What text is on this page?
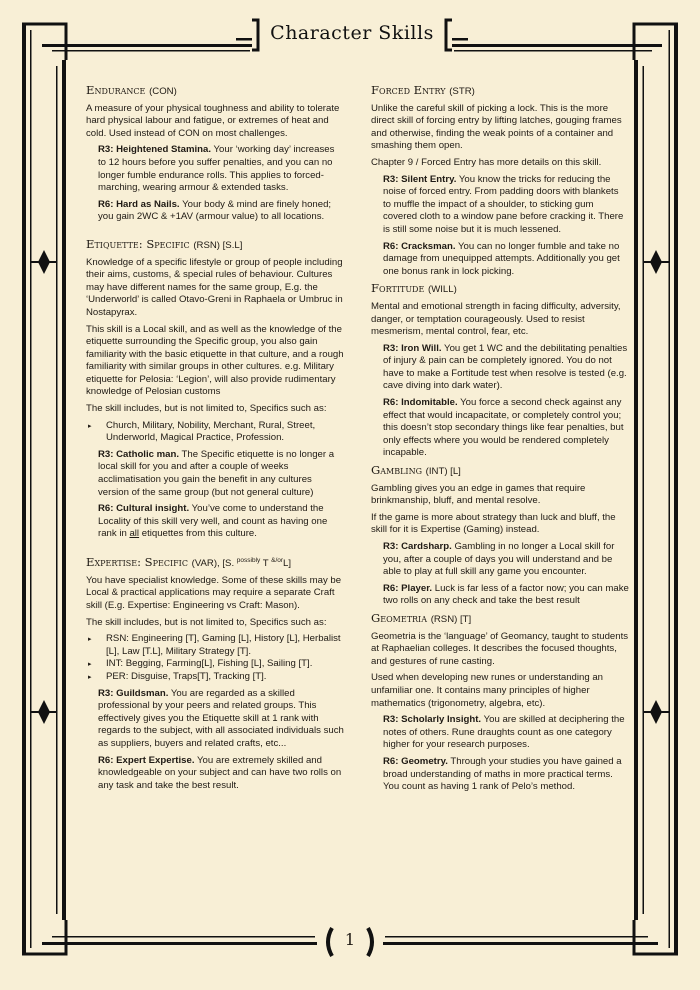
Character Skills
1
Endurance (CON)

A measure of your physical toughness and ability to tolerate hard physical labour and fatigue, or extremes of heat and cold. Used instead of CON on most challenges.

R3: Heightened Stamina. Your ‘working day’ increases to 12 hours before you suffer penalties, and you can no longer fumble endurance rolls. This applies to forced-marching, wearing armour & extended tasks.
R6: Hard as Nails. Your body & mind are finely honed; you gain 2WC & +1AV (armour value) to all locations.
Etiquette: Specific (RSN) [S.L]

Knowledge of a specific lifestyle or group of people including their aims, customs, & special rules of behaviour. Cultures may have different names for the same group, E.g. the ‘Underworld’ is called Otavo-Greni in Raphaela or Umbruc in Nostapyrax.

This skill is a Local skill, and as well as the knowledge of the etiquette surrounding the Specific group, you also gain familiarity with the basic etiquette in that culture, and a rough familiarity with similar groups in other cultures. e.g. Military etiquette for Pelosia: ‘Legion’, will also provide rudimentary knowledge of Pelosian customs

The skill includes, but is not limited to, Specifics such as:

▸ Church, Military, Nobility, Merchant, Rural, Street, Underworld, Magical Practice, Profession.
R3: Catholic man. The Specific etiquette is no longer a local skill for you and after a couple of weeks acclimatisation you gain the benefit in any cultures version of the same group (but not general culture)
R6: Cultural insight. You’ve come to understand the Locality of this skill very well, and count as having one rank in all etiquettes from this culture.
Expertise: Specific (VAR), [S. $^{possibly}$ T $^{\&/or}$L]

You have specialist knowledge. Some of these skills may be Local & practical applications may require a separate Craft skill (E.g. Expertise: Engineering vs Craft: Mason).

The skill includes, but is not limited to, Specifics such as:

▸ RSN: Engineering [T], Gaming [L], History [L], Herbalist [L], Law [T.L], Military Strategy [T].
▸ INT: Begging, Farming[L], Fishing [L], Sailing [T].
▸ PER: Disguise, Traps[T], Tracking [T].
R3: Guildsman. You are regarded as a skilled professional by your peers and related groups. This effectively gives you the Etiquette skill at 1 rank with regards to the subject, with all associated individuals such as suppliers, buyers and related crafts, etc...
R6: Expert Expertise. You are extremely skilled and knowledgeable on your subject and can have two rolls on any task and take the best result.
Forced Entry (STR)

Unlike the careful skill of picking a lock. This is the more direct skill of forcing entry by lifting latches, gouging frames and otherwise, finding the weak points of a container and smashing them open.

Chapter 9 / Forced Entry has more details on this skill.

R3: Silent Entry. You know the tricks for reducing the noise of forced entry. From padding doors with blankets to muffle the impact of a shoulder, to sticking gum covered cloth to a window pane before cracking it. There is still some noise but it is much lessened.
R6: Cracksman. You can no longer fumble and take no damage from unequipped attempts. Additionally you get one bonus rank in lock picking.
Fortitude (WILL)

Mental and emotional strength in facing difficulty, adversity, danger, or temptation courageously. Used to resist mesmerism, mental control, fear, etc.

R3: Iron Will. You get 1 WC and the debilitating penalties of injury & pain can be completely ignored. You do not have to make a Fortitude test when resolve is tested (e.g. cave diving into dark water).
R6: Indomitable. You force a second check against any effect that would incapacitate, or completely control you; this doesn’t stop secondary things like fear penalties, but only effects where you would be rendered completely incapable.
Gambling (INT) [L]

Gambling gives you an edge in games that require brinkmanship, bluff, and mental resolve.

If the game is more about strategy than luck and bluff, the skill for it is Expertise (Gaming) instead.

R3: Cardsharp. Gambling in no longer a Local skill for you, after a couple of days you will understand and be able to play at full skill any game you encounter.
R6: Player. Luck is far less of a factor now; you can make two rolls on any check and take the best result
Geometria (RSN) [T]

Geometria is the ‘language’ of Geomancy, taught to students at Raphaelian colleges. It describes the focused thoughts, and gestures of rune casting.

Used when developing new runes or understanding an unfamiliar one. It contains many principles of higher mathematics (trigonometry, algebra, etc).

R3: Scholarly Insight. You are skilled at deciphering the notes of others. Rune draughts count as one category higher for your research purposes.
R6: Geometry. Through your studies you have gained a broad understanding of maths in more practical terms. You count as having 1 rank of Pelo’s method.
